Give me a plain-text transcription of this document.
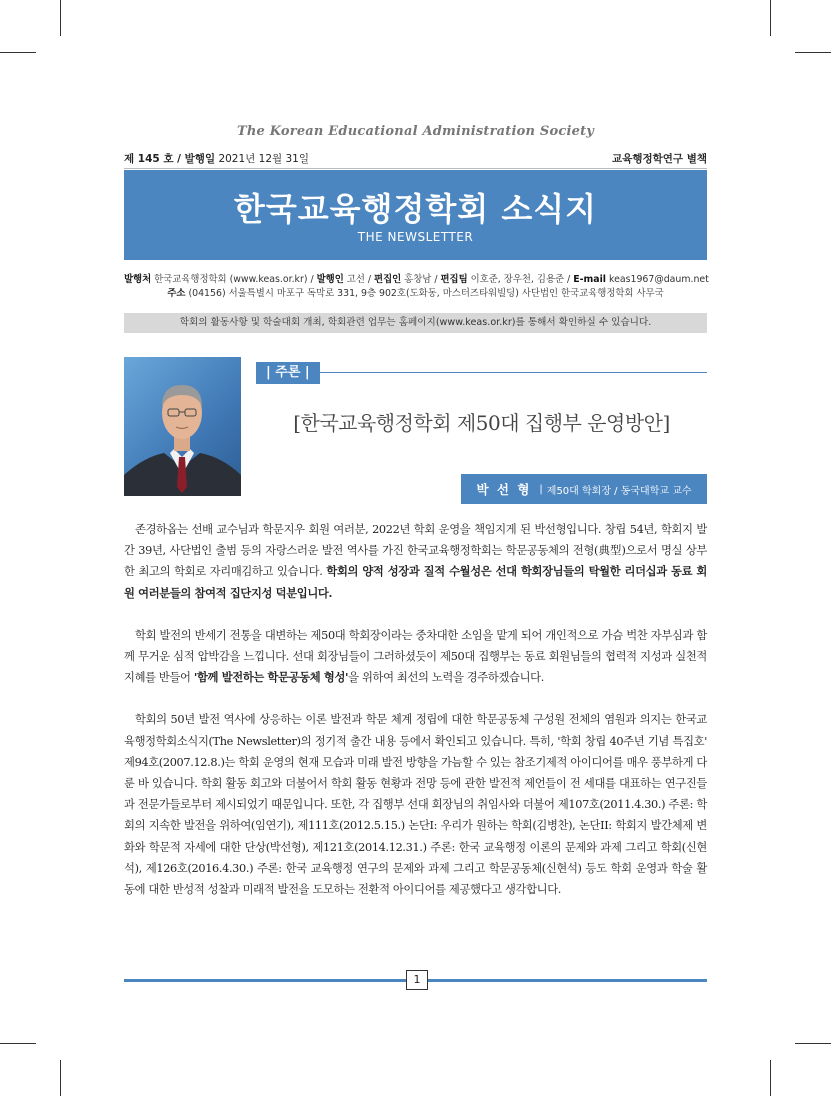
The Korean Educational Administration Society
제 145 호 / 발행일 2021년 12월 31일	교육행정학연구 별책
한국교육행정학회 소식지
THE NEWSLETTER
발행처 한국교육행정학회 (www.keas.or.kr) / 발행인 고선 / 편집인 홍창남 / 편집팀 이호준, 장우천, 김용준 / E-mail keas1967@daum.net
주소 (04156) 서울특별시 마포구 독막로 331, 9층 902호(도화동, 마스터즈타워빌딩) 사단법인 한국교육행정학회 사무국
학회의 활동사항 및 학술대회 개최, 학회관련 업무는 홈페이지(www.keas.or.kr)를 통해서 확인하실 수 있습니다.
| 주론 |
[한국교육행정학회 제50대 집행부 운영방안]
박 선 형 | 제50대 학회장 / 동국대학교 교수

존경하옵는 선배 교수님과 학문지우 회원 여러분, 2022년 학회 운영을 책임지게 된 박선형입니다. 창립 54년, 학회지 발간 39년, 사단법인 출범 등의 자랑스러운 발전 역사를 가진 한국교육행정학회는 학문공동체의 전형(典型)으로서 명실 상부한 최고의 학회로 자리매김하고 있습니다. 학회의 양적 성장과 질적 수월성은 선대 학회장님들의 탁월한 리더십과 동료 회원 여러분들의 참여적 집단지성 덕분입니다.

학회 발전의 반세기 전통을 대변하는 제50대 학회장이라는 중차대한 소임을 맡게 되어 개인적으로 가슴 벅찬 자부심과 함께 무거운 심적 압박감을 느낍니다. 선대 회장님들이 그러하셨듯이 제50대 집행부는 동료 회원님들의 협력적 지성과 실천적 지혜를 반들어 '함께 발전하는 학문공동체 형성'을 위하여 최선의 노력을 경주하겠습니다.

학회의 50년 발전 역사에 상응하는 이론 발전과 학문 체계 정립에 대한 학문공동체 구성원 전체의 염원과 의지는 한국교육행정학회소식지(The Newsletter)의 정기적 출간 내용 등에서 확인되고 있습니다. 특히, '학회 창립 40주년 기념 특집호' 제94호(2007.12.8.)는 학회 운영의 현재 모습과 미래 발전 방향을 가늠할 수 있는 참조기제적 아이디어를 매우 풍부하게 다룬 바 있습니다. 학회 활동 회고와 더불어서 학회 활동 현황과 전망 등에 관한 발전적 제언들이 전 세대를 대표하는 연구진들과 전문가들로부터 제시되었기 때문입니다. 또한, 각 집행부 선대 회장님의 취임사와 더불어 제107호(2011.4.30.) 주론: 학회의 지속한 발전을 위하여(임연기), 제111호(2012.5.15.) 논단I: 우리가 원하는 학회(김병찬), 논단II: 학회지 발간체제 변화와 학문적 자세에 대한 단상(박선형), 제121호(2014.12.31.) 주론: 한국 교육행정 이론의 문제와 과제 그리고 학회(신현석), 제126호(2016.4.30.) 주론: 한국 교육행정 연구의 문제와 과제 그리고 학문공동체(신현석) 등도 학회 운영과 학술 활동에 대한 반성적 성찰과 미래적 발전을 도모하는 전환적 아이디어를 제공했다고 생각합니다.

1
